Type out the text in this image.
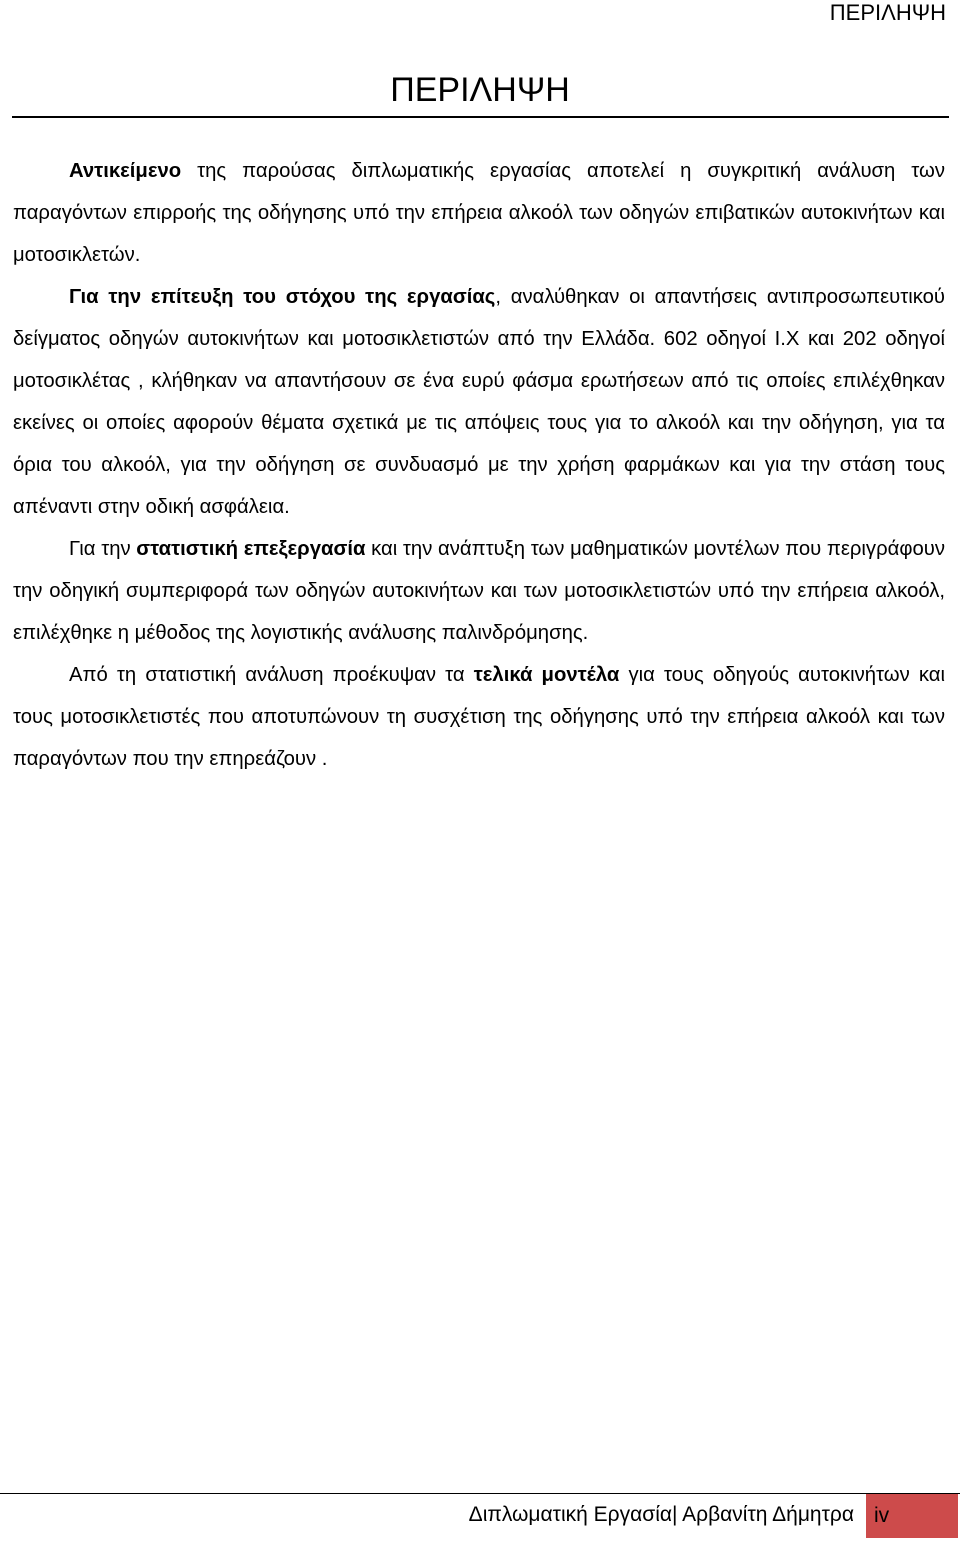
ΠΕΡΙΛΗΨΗ
ΠΕΡΙΛΗΨΗ

Αντικείμενο της παρούσας διπλωματικής εργασίας αποτελεί η συγκριτική ανάλυση των παραγόντων επιρροής της οδήγησης υπό την επήρεια αλκοόλ των οδηγών επιβατικών αυτοκινήτων και μοτοσικλετών.

Για την επίτευξη του στόχου της εργασίας, αναλύθηκαν οι απαντήσεις αντιπροσωπευτικού δείγματος οδηγών αυτοκινήτων και μοτοσικλετιστών από την Ελλάδα. 602 οδηγοί Ι.Χ και 202 οδηγοί μοτοσικλέτας , κλήθηκαν να απαντήσουν σε ένα ευρύ φάσμα ερωτήσεων από τις οποίες επιλέχθηκαν εκείνες οι οποίες αφορούν θέματα σχετικά με τις απόψεις τους για το αλκοόλ και την οδήγηση, για τα όρια του αλκοόλ, για την οδήγηση σε συνδυασμό με την χρήση φαρμάκων και για την στάση τους απέναντι στην οδική ασφάλεια.

Για την στατιστική επεξεργασία και την ανάπτυξη των μαθηματικών μοντέλων που περιγράφουν την οδηγική συμπεριφορά των οδηγών αυτοκινήτων και των μοτοσικλετιστών υπό την επήρεια αλκοόλ, επιλέχθηκε η μέθοδος της λογιστικής ανάλυσης παλινδρόμησης.

Από τη στατιστική ανάλυση προέκυψαν τα τελικά μοντέλα για τους οδηγούς αυτοκινήτων και τους μοτοσικλετιστές που αποτυπώνουν τη συσχέτιση της οδήγησης υπό την επήρεια αλκοόλ και των παραγόντων που την επηρεάζουν .

Διπλωματική Εργασία| Αρβανίτη Δήμητρα iv
